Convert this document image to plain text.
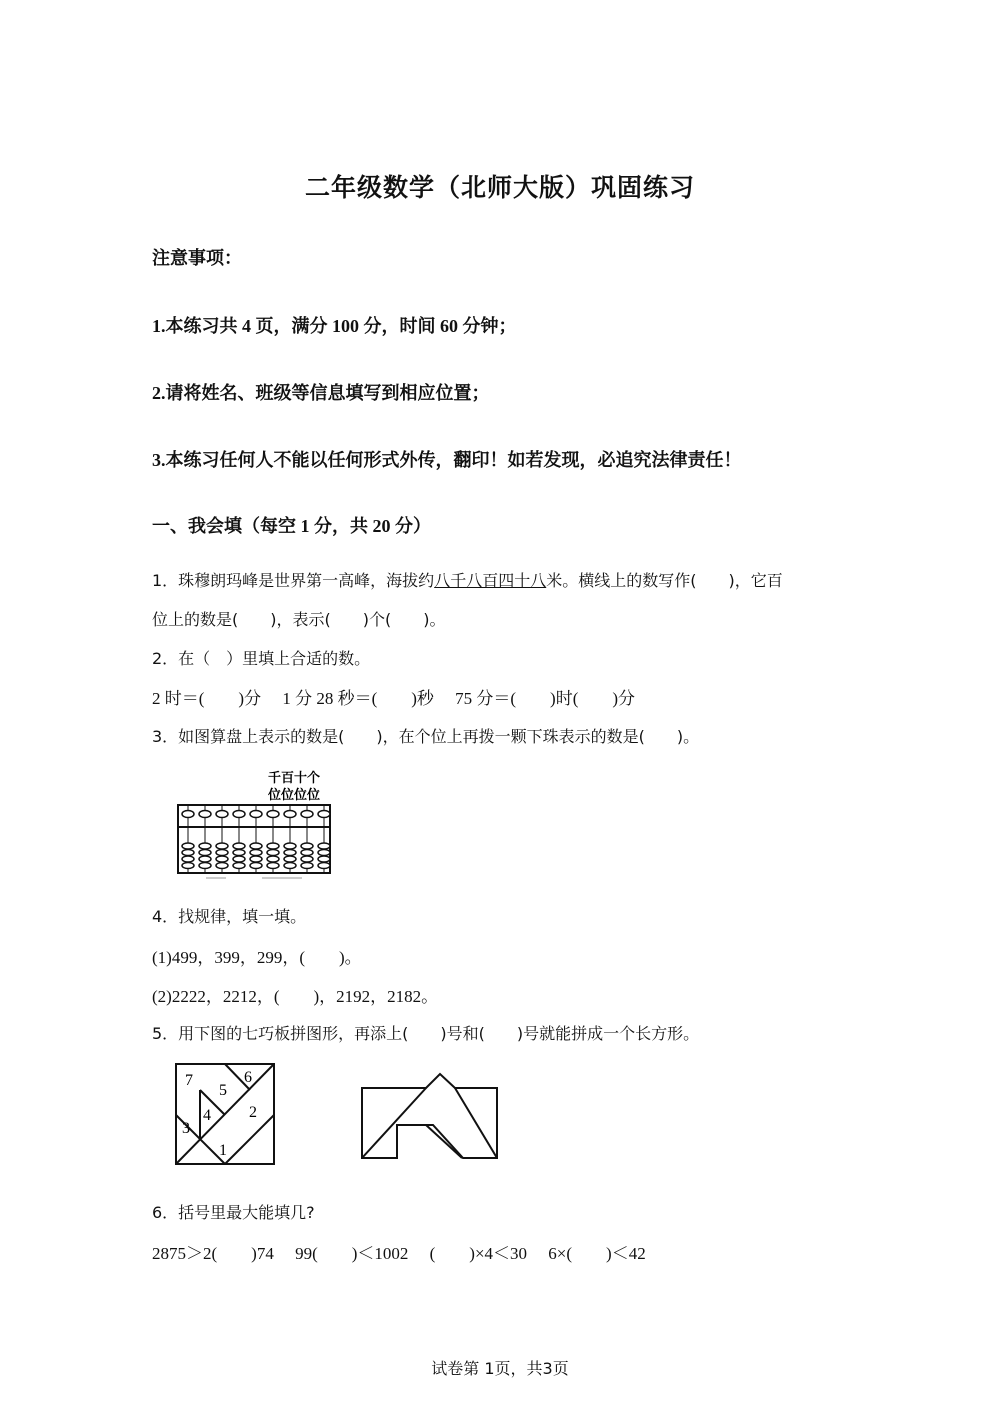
二年级数学（北师大版）巩固练习
注意事项：
1.本练习共 4 页，满分 100 分，时间 60 分钟；
2.请将姓名、班级等信息填写到相应位置；
3.本练习任何人不能以任何形式外传，翻印！如若发现，必追究法律责任！
一、我会填（每空 1 分，共 20 分）
1．珠穆朗玛峰是世界第一高峰，海拔约八千八百四十八米。横线上的数写作(　　)，它百
位上的数是(　　)，表示(　　)个(　　)。
2．在（　）里填上合适的数。
2 时＝(　　)分　 1 分 28 秒＝(　　)秒　 75 分＝(　　)时(　　)分
3．如图算盘上表示的数是(　　)，在个位上再拨一颗下珠表示的数是(　　)。
千百十个
位位位位
4．找规律，填一填。
(1)499，399，299，(　　)。
(2)2222，2212，(　　)，2192，2182。
5．用下图的七巧板拼图形，再添上(　　)号和(　　)号就能拼成一个长方形。
7
5
6
4 2
3
1
6．括号里最大能填几?
2875＞2(　　)74　 99(　　)＜1002　 (　　)×4＜30　 6×(　　)＜42
试卷第 1页，共3页
